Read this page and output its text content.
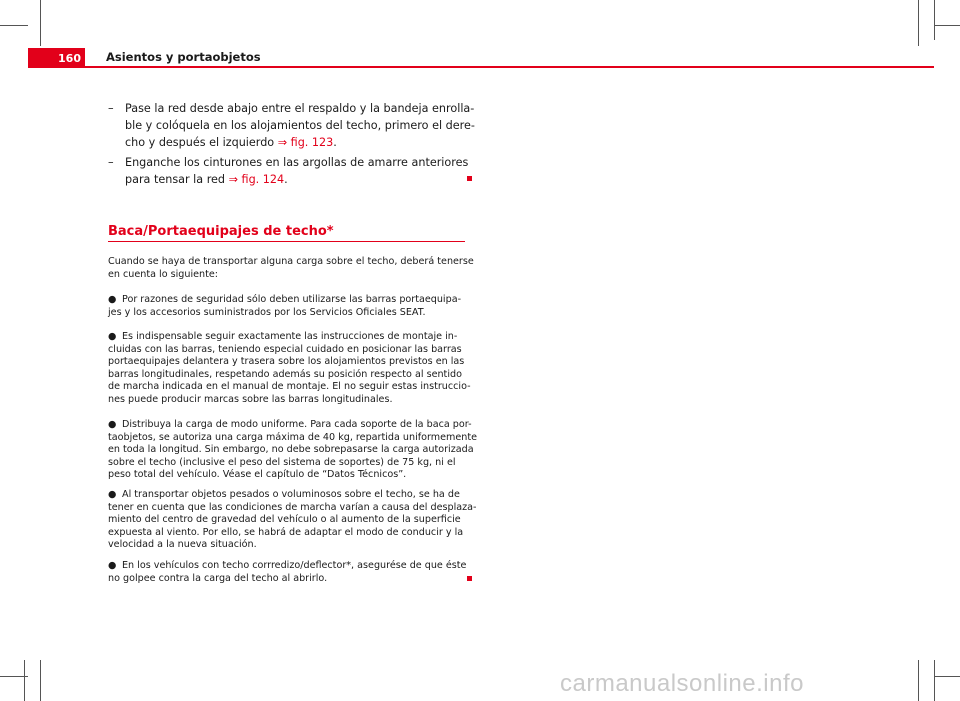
160	Asientos y portaobjetos
– Pase la red desde abajo entre el respaldo y la bandeja enrolla-
ble y colóquela en los alojamientos del techo, primero el dere-
cho y después el izquierdo ⇒ fig. 123.
– Enganche los cinturones en las argollas de amarre anteriores
para tensar la red ⇒ fig. 124.
Baca/Portaequipajes de techo*
Cuando se haya de transportar alguna carga sobre el techo, deberá tenerse
en cuenta lo siguiente:
● Por razones de seguridad sólo deben utilizarse las barras portaequipa-
jes y los accesorios suministrados por los Servicios Oficiales SEAT.
● Es indispensable seguir exactamente las instrucciones de montaje in-
cluidas con las barras, teniendo especial cuidado en posicionar las barras
portaequipajes delantera y trasera sobre los alojamientos previstos en las
barras longitudinales, respetando además su posición respecto al sentido
de marcha indicada en el manual de montaje. El no seguir estas instruccio-
nes puede producir marcas sobre las barras longitudinales.
● Distribuya la carga de modo uniforme. Para cada soporte de la baca por-
taobjetos, se autoriza una carga máxima de 40 kg, repartida uniformemente
en toda la longitud. Sin embargo, no debe sobrepasarse la carga autorizada
sobre el techo (inclusive el peso del sistema de soportes) de 75 kg, ni el
peso total del vehículo. Véase el capítulo de “Datos Técnicos”.
● Al transportar objetos pesados o voluminosos sobre el techo, se ha de
tener en cuenta que las condiciones de marcha varían a causa del desplaza-
miento del centro de gravedad del vehículo o al aumento de la superficie
expuesta al viento. Por ello, se habrá de adaptar el modo de conducir y la
velocidad a la nueva situación.
● En los vehículos con techo corrredizo/deflector*, asegurése de que éste
no golpee contra la carga del techo al abrirlo.
carmanualsonline.info
